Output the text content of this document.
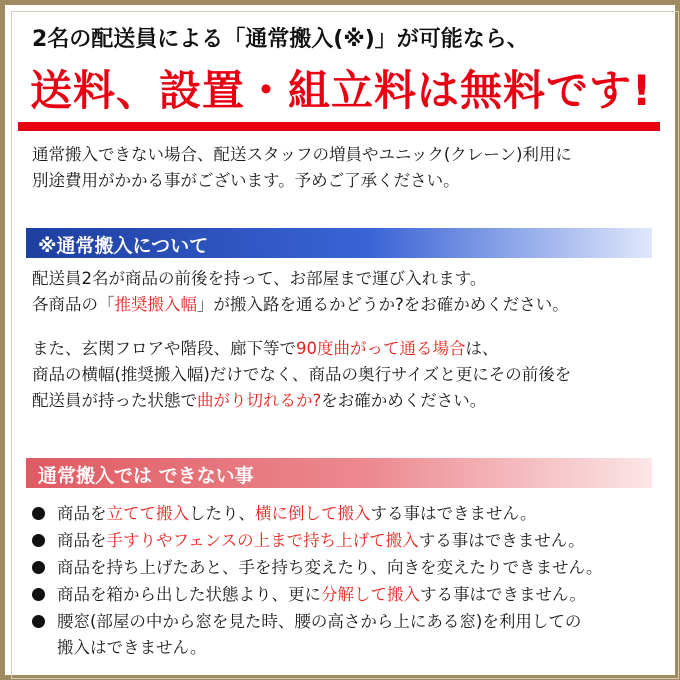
2名の配送員による「通常搬入(※)」が可能なら、
送料、設置・組立料は無料です!
通常搬入できない場合、配送スタッフの増員やユニック(クレーン)利用に
別途費用がかかる事がございます。予めご了承ください。
※通常搬入について
配送員2名が商品の前後を持って、お部屋まで運び入れます。
各商品の「推奨搬入幅」が搬入路を通るかどうか?をお確かめください。
また、玄関フロアや階段、廊下等で90度曲がって通る場合は、
商品の横幅(推奨搬入幅)だけでなく、商品の奥行サイズと更にその前後を
配送員が持った状態で曲がり切れるか?をお確かめください。
通常搬入では できない事
商品を立てて搬入したり、横に倒して搬入する事はできません。
商品を手すりやフェンスの上まで持ち上げて搬入する事はできません。
商品を持ち上げたあと、手を持ち変えたり、向きを変えたりできません。
商品を箱から出した状態より、更に分解して搬入する事はできません。
腰窓(部屋の中から窓を見た時、腰の高さから上にある窓)を利用しての
搬入はできません。
